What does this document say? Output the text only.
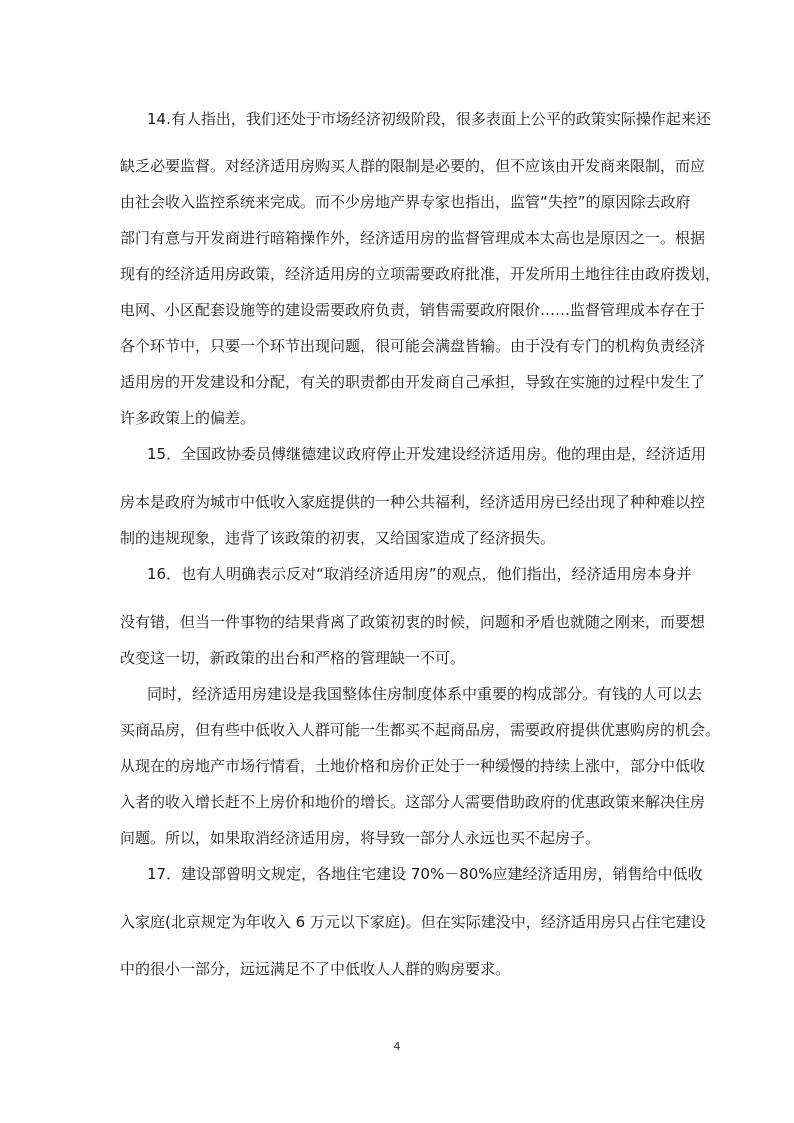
14.有人指出，我们还处于市场经济初级阶段，很多表面上公平的政策实际操作起来还

缺乏必要监督。对经济适用房购买人群的限制是必要的，但不应该由开发商来限制，而应

由社会收入监控系统来完成。而不少房地产界专家也指出，监管“失控”的原因除去政府

部门有意与开发商进行暗箱操作外，经济适用房的监督管理成本太高也是原因之一。根据

现有的经济适用房政策，经济适用房的立项需要政府批准，开发所用土地往往由政府拨划，

电网、小区配套设施等的建设需要政府负责，销售需要政府限价……监督管理成本存在于

各个环节中，只要一个环节出现问题，很可能会满盘皆输。由于没有专门的机构负责经济

适用房的开发建设和分配，有关的职责都由开发商自己承担，导致在实施的过程中发生了

许多政策上的偏差。

15．全国政协委员傅继德建议政府停止开发建设经济适用房。他的理由是，经济适用

房本是政府为城市中低收入家庭提供的一种公共福利，经济适用房已经出现了种种难以控

制的违规现象，违背了该政策的初衷，又给国家造成了经济损失。

16．也有人明确表示反对“取消经济适用房”的观点，他们指出，经济适用房本身并

没有错，但当一件事物的结果背离了政策初衷的时候，问题和矛盾也就随之刚来，而要想

改变这一切，新政策的出台和严格的管理缺一不可。

同时，经济适用房建设是我国整体住房制度体系中重要的构成部分。有钱的人可以去

买商品房，但有些中低收入人群可能一生都买不起商品房，需要政府提供优惠购房的机会。

从现在的房地产市场行情看，土地价格和房价正处于一种缓慢的持续上涨中，部分中低收

入者的收入增长赶不上房价和地价的增长。这部分人需要借助政府的优惠政策来解决住房

问题。所以，如果取消经济适用房，将导致一部分人永远也买不起房子。

17．建设部曾明文规定，各地住宅建设 70%－80%应建经济适用房，销售给中低收

入家庭(北京规定为年收入 6 万元以下家庭)。但在实际建没中，经济适用房只占住宅建设

中的很小一部分，远远满足不了中低收人人群的购房要求。

4
